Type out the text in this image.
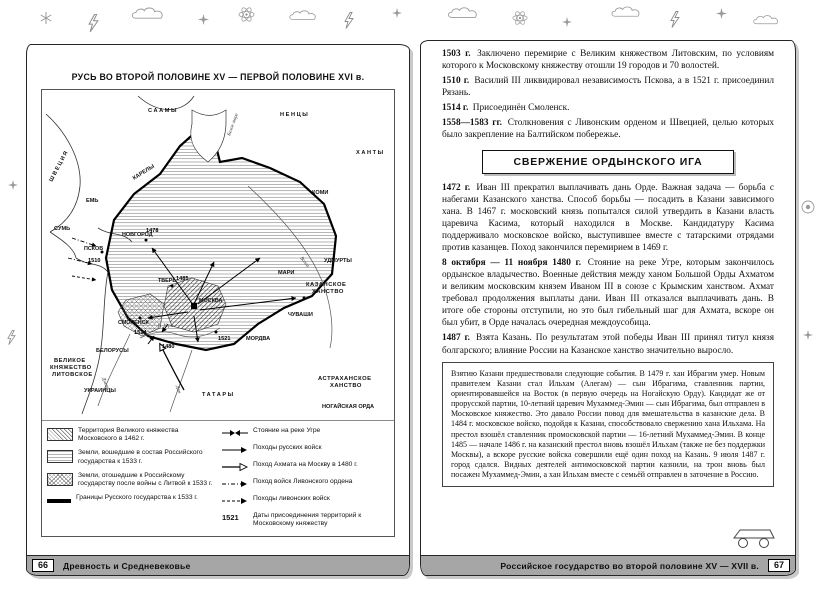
РУСЬ ВО ВТОРОЙ ПОЛОВИНЕ XV — ПЕРВОЙ ПОЛОВИНЕ XVI в.
ШВЕЦИЯ
СААМЫ
НЕНЦЫ
ХАНТЫ
КАРЕЛЫ
ЕМЬ
СУМЬ
Белое море
КОМИ
НОВГОРОД
ПСКОВ
ТВЕРЬ
МОСКВА
СМОЛЕНСК
МАРИ
УДМУРТЫ
ЧУВАШИ
МОРДВА
КАЗАНСКОЕ
ХАНСТВО
АСТРАХАНСКОЕ
ХАНСТВО
НОГАЙСКАЯ ОРДА
ТАТАРЫ
БЕЛОРУСЫ
УКРАИНЦЫ
ВЕЛИКОЕ
КНЯЖЕСТВО
ЛИТОВСКОЕ
1478
1485
1510
1514
1521
1480
р. Угра
Волга
Днепр	Дон
Территория Великого княжества Московского в 1462 г.
Земли, вошедшие в состав Российского государства к 1533 г.
Земли, отошедшие к Российскому государству после войны с Литвой к 1533 г.
Границы Русского государства к 1533 г.
Стояние на реке Угре
Походы русских войск
Поход Ахмата на Москву в 1480 г.
Поход войск Ливонского ордена
Походы ливонских войск
1521	Даты присоединения территорий к Московскому княжеству
66	Древность и Средневековье

1503 г. Заключено перемирие с Великим княжеством Литовским, по условиям которого к Московскому княжеству отошли 19 городов и 70 волостей.

1510 г. Василий III ликвидировал независимость Пскова, а в 1521 г. присоединил Рязань.

1514 г. Присоединён Смоленск.

1558—1583 гг. Столкновения с Ливонским орденом и Швецией, целью которых было закрепление на Балтийском побережье.

СВЕРЖЕНИЕ ОРДЫНСКОГО ИГА

1472 г. Иван III прекратил выплачивать дань Орде. Важная задача — борьба с набегами Казанского ханства. Способ борьбы — посадить в Казани зависимого хана. В 1467 г. московский князь попытался силой утвердить в Казани власть царевича Касима, который находился в Москве. Кандидатуру Касима поддерживало московское войско, выступившее вместе с татарскими отрядами против казанцев. Поход закончился перемирием в 1469 г.

8 октября — 11 ноября 1480 г. Стояние на реке Угре, которым закончилось ордынское владычество. Военные действия между ханом Большой Орды Ахматом и великим московским князем Иваном III в союзе с Крымским ханством. Ахмат требовал продолжения выплаты дани. Иван III отказался выплачивать дань. В итоге обе стороны отступили, но это был гибельный шаг для Ахмата, вскоре он был убит, в Орде началась очередная междоусобица.

1487 г. Взята Казань. По результатам этой победы Иван III принял титул князя болгарского; влияние России на Казанское ханство значительно выросло.

Взятию Казани предшествовали следующие события. В 1479 г. хан Ибрагим умер. Новым правителем Казани стал Ильхам (Алегам) — сын Ибрагима, ставленник партии, ориентировавшейся на Восток (в первую очередь на Ногайскую Орду). Кандидат же от прорусской партии, 10-летний царевич Мухаммед-Эмин — сын Ибрагима, был отправлен в Московское княжество. Это давало России повод для вмешательства в казанские дела. В 1484 г. московское войско, подойдя к Казани, способствовало свержению хана Ильхама. На престол взошёл ставленник промосковской партии — 16-летний Мухаммед-Эмин. В конце 1485 — начале 1486 г. на казанский престол вновь взошёл Ильхам (также не без поддержки Москвы), а вскоре русские войска совершили ещё один поход на Казань. 9 июля 1487 г. город сдался. Видных деятелей антимосковской партии казнили, на трон вновь был посажен Мухаммед-Эмин, а хан Ильхам вместе с семьёй отправлен в заточение в Россию.
Российское государство во второй половине XV — XVII в.	67
